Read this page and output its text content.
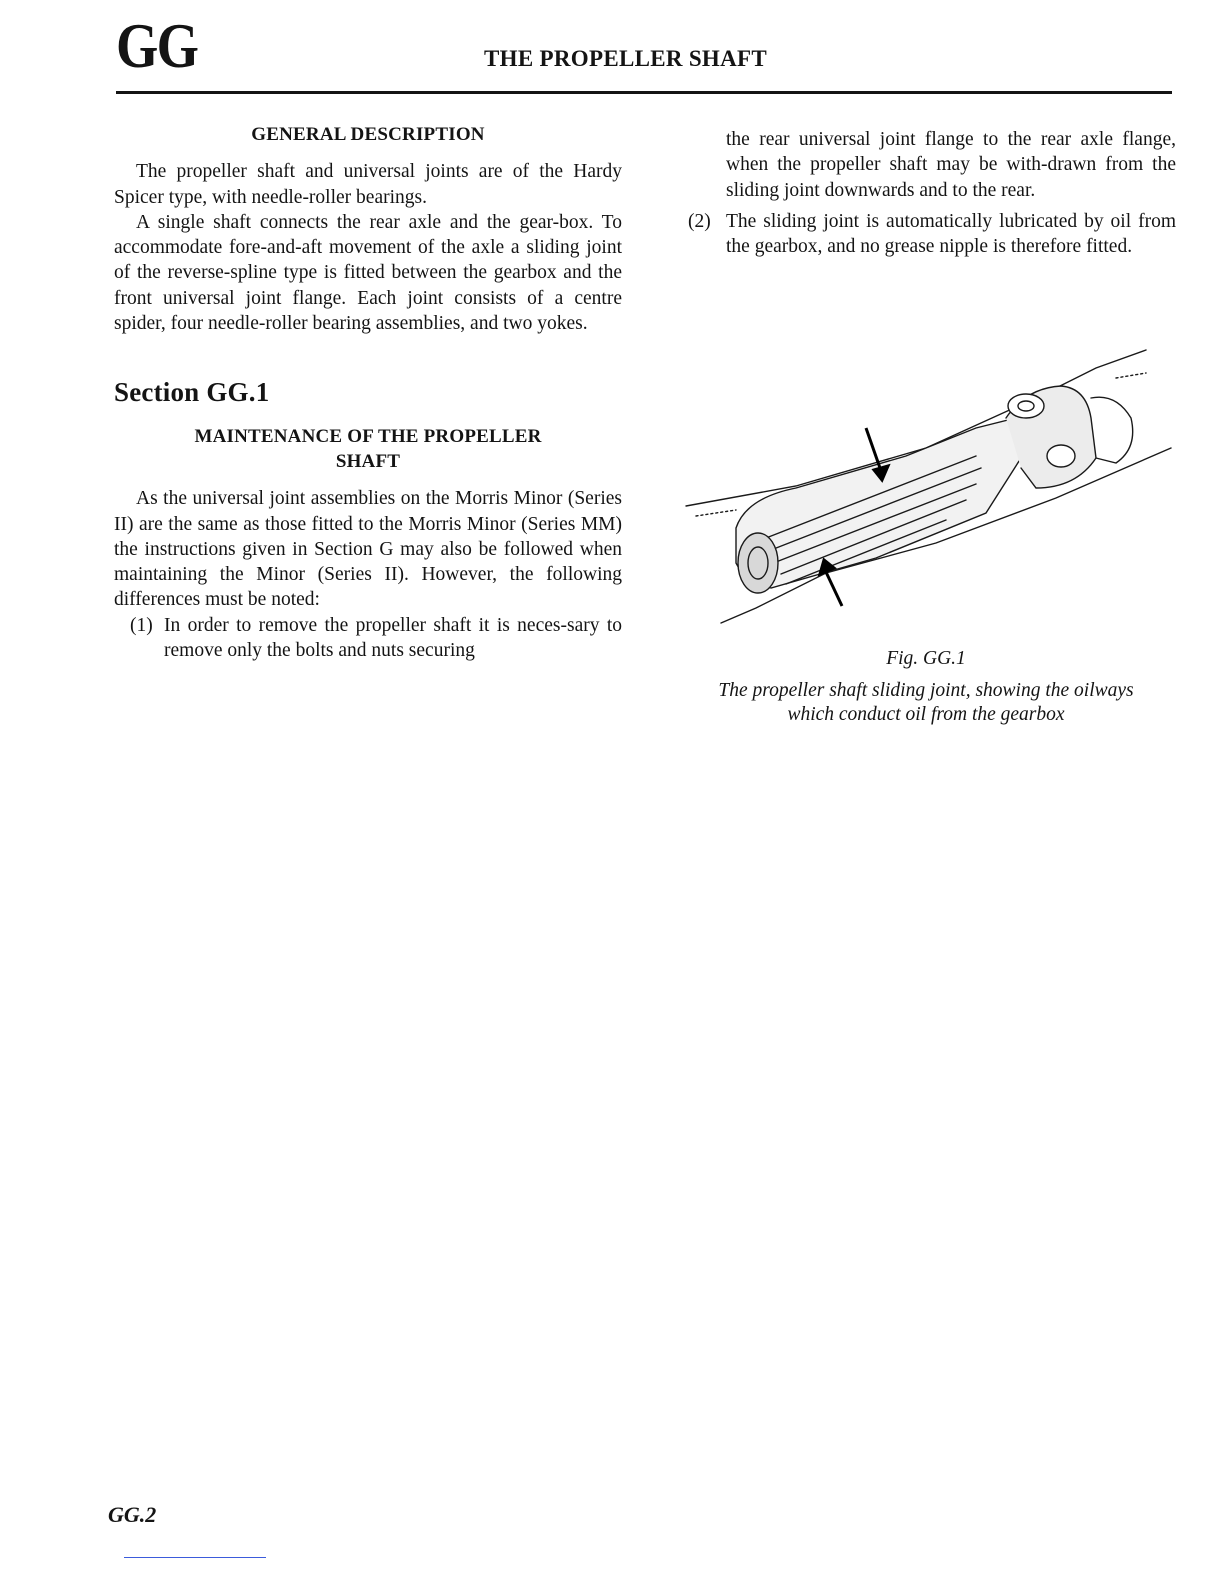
GG	THE PROPELLER SHAFT
GENERAL DESCRIPTION

The propeller shaft and universal joints are of the Hardy Spicer type, with needle-roller bearings.

A single shaft connects the rear axle and the gear-box. To accommodate fore-and-aft movement of the axle a sliding joint of the reverse-spline type is fitted between the gearbox and the front universal joint flange. Each joint consists of a centre spider, four needle-roller bearing assemblies, and two yokes.

Section GG.1
MAINTENANCE OF THE PROPELLER
SHAFT

As the universal joint assemblies on the Morris Minor (Series II) are the same as those fitted to the Morris Minor (Series MM) the instructions given in Section G may also be followed when maintaining the Minor (Series II). However, the following differences must be noted:

(1) In order to remove the propeller shaft it is neces-sary to remove only the bolts and nuts securing

the rear universal joint flange to the rear axle flange, when the propeller shaft may be with-drawn from the sliding joint downwards and to the rear.

(2) The sliding joint is automatically lubricated by oil from the gearbox, and no grease nipple is therefore fitted.

Fig. GG.1
The propeller shaft sliding joint, showing the oilways
which conduct oil from the gearbox
GG.2
